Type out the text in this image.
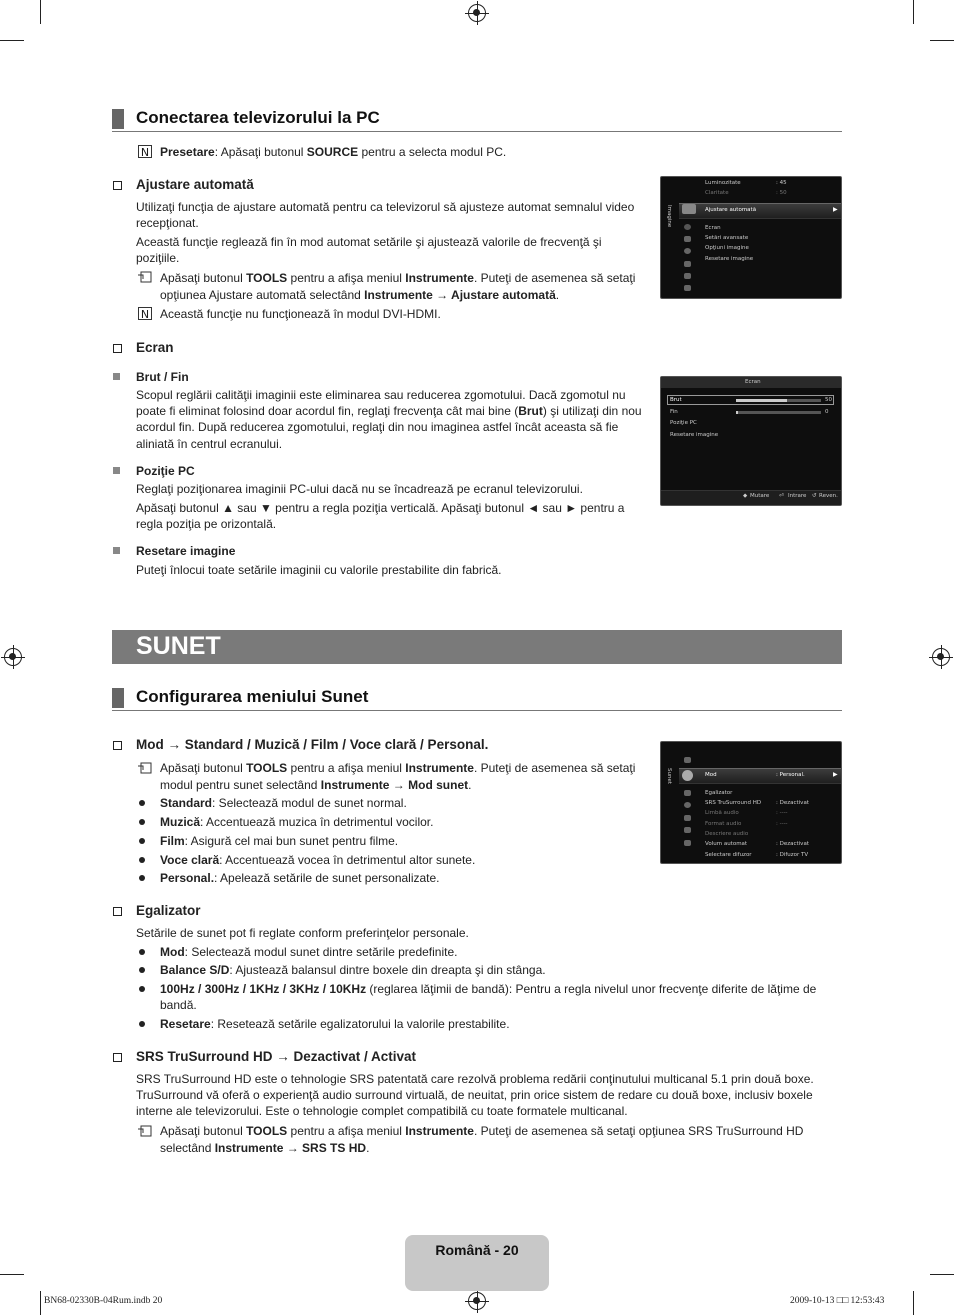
Conectarea televizorului la PC
N Presetare: Apăsaţi butonul SOURCE pentru a selecta modul PC.
Ajustare automată
Utilizaţi funcţia de ajustare automată pentru ca televizorul să ajusteze automat semnalul video
recepţionat.
Această funcţie reglează fin în mod automat setările şi ajustează valorile de frecvenţă şi
poziţiile.
Apăsaţi butonul TOOLS pentru a afişa meniul Instrumente. Puteţi de asemenea să setaţi
opţiunea Ajustare automată selectând Instrumente → Ajustare automată.
N Această funcţie nu funcţionează în modul DVI-HDMI.
Imagine
Luminozitate	: 45
Claritate	: 50
Ajustare automată	▶
Ecran
Setări avansate
Opţiuni imagine
Resetare imagine
Ecran
Brut / Fin
Scopul reglării calităţii imaginii este eliminarea sau reducerea zgomotului. Dacă zgomotul nu
poate fi eliminat folosind doar acordul fin, reglaţi frecvenţa cât mai bine (Brut) şi utilizaţi din nou
acordul fin. După reducerea zgomotului, reglaţi din nou imaginea astfel încât aceasta să fie
aliniată în centrul ecranului.
Poziţie PC
Reglaţi poziţionarea imaginii PC-ului dacă nu se încadrează pe ecranul televizorului.
Apăsaţi butonul ▲ sau ▼ pentru a regla poziţia verticală. Apăsaţi butonul ◄ sau ► pentru a
regla poziţia pe orizontală.
Resetare imagine
Puteţi înlocui toate setările imaginii cu valorile prestabilite din fabrică.
Ecran
Brut	50
Fin	0
Poziţie PC
Resetare imagine
◆ Mutare ⏎ Intrare ↺ Reven.
SUNET
Configurarea meniului Sunet
Mod → Standard / Muzică / Film / Voce clară / Personal.
Apăsaţi butonul TOOLS pentru a afişa meniul Instrumente. Puteţi de asemenea să setaţi
modul pentru sunet selectând Instrumente → Mod sunet.
Standard: Selectează modul de sunet normal.
Muzică: Accentuează muzica în detrimentul vocilor.
Film: Asigură cel mai bun sunet pentru filme.
Voce clară: Accentuează vocea în detrimentul altor sunete.
Personal.: Apelează setările de sunet personalizate.
Sunet	Mod	: Personal.	▶
Egalizator
SRS TruSurround HD	: Dezactivat
Limbă audio	: ----
Format audio	: ----
Descriere audio
Volum automat	: Dezactivat
Selectare difuzor	: Difuzor TV
Egalizator
Setările de sunet pot fi reglate conform preferinţelor personale.
Mod: Selectează modul sunet dintre setările predefinite.
Balance S/D: Ajustează balansul dintre boxele din dreapta şi din stânga.
100Hz / 300Hz / 1KHz / 3KHz / 10KHz (reglarea lăţimii de bandă): Pentru a regla nivelul unor frecvenţe diferite de lăţime de
bandă.
Resetare: Resetează setările egalizatorului la valorile prestabilite.
SRS TruSurround HD → Dezactivat / Activat
SRS TruSurround HD este o tehnologie SRS patentată care rezolvă problema redării conţinutului multicanal 5.1 prin două boxe.
TruSurround vă oferă o experienţă audio surround virtuală, de neuitat, prin orice sistem de redare cu două boxe, inclusiv boxele
interne ale televizorului. Este o tehnologie complet compatibilă cu toate formatele multicanal.
Apăsaţi butonul TOOLS pentru a afişa meniul Instrumente. Puteţi de asemenea să setaţi opţiunea SRS TruSurround HD
selectând Instrumente → SRS TS HD.
Română - 20
BN68-02330B-04Rum.indb 20	2009-10-13 □□ 12:53:43
